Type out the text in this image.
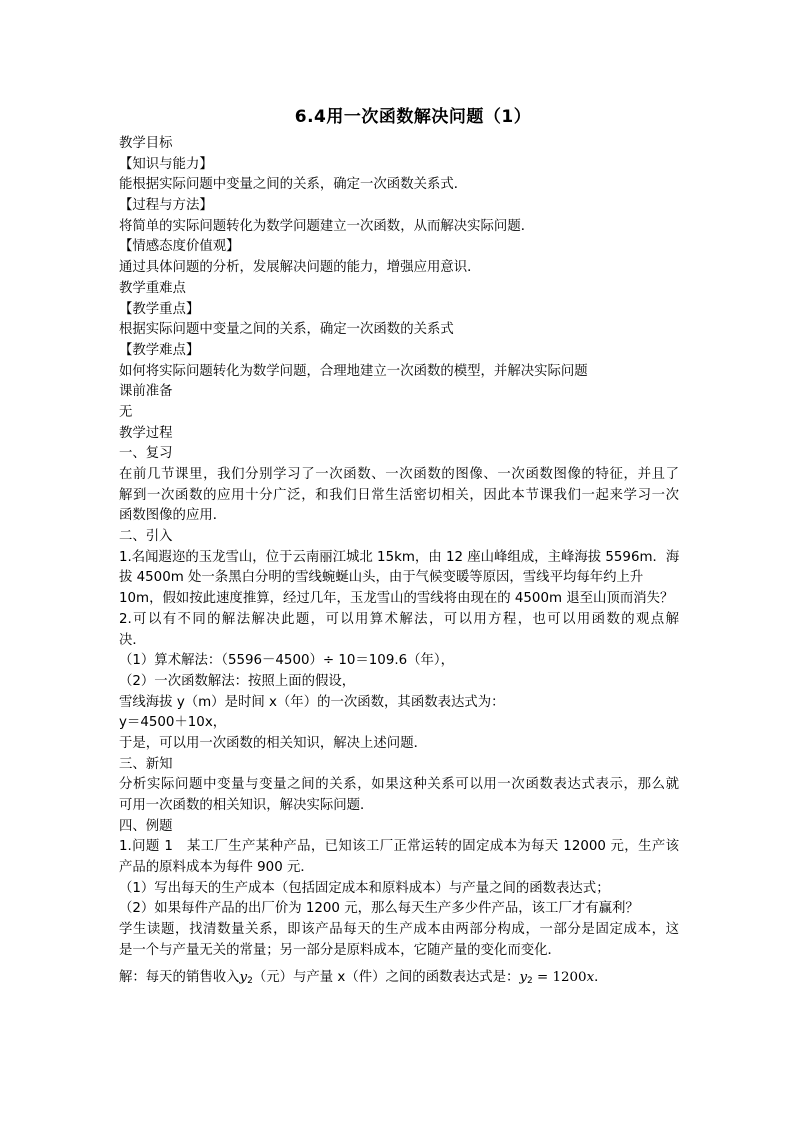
6.4用一次函数解决问题（1）
教学目标
【知识与能力】
能根据实际问题中变量之间的关系，确定一次函数关系式．
【过程与方法】
将简单的实际问题转化为数学问题建立一次函数，从而解决实际问题．
【情感态度价值观】
通过具体问题的分析，发展解决问题的能力，增强应用意识．
教学重难点
【教学重点】
根据实际问题中变量之间的关系，确定一次函数的关系式
【教学难点】
如何将实际问题转化为数学问题，合理地建立一次函数的模型，并解决实际问题
课前准备
无
教学过程
一、复习
在前几节课里，我们分别学习了一次函数、一次函数的图像、一次函数图像的特征，并且了
解到一次函数的应用十分广泛，和我们日常生活密切相关，因此本节课我们一起来学习一次
函数图像的应用．
二、引入
1.名闻遐迩的玉龙雪山，位于云南丽江城北 15km，由 12 座山峰组成，主峰海拔 5596m．海
拔 4500m 处一条黑白分明的雪线蜿蜒山头，由于气候变暖等原因，雪线平均每年约上升
10m，假如按此速度推算，经过几年，玉龙雪山的雪线将由现在的 4500m 退至山顶而消失？
2.可以有不同的解法解决此题，可以用算术解法，可以用方程，也可以用函数的观点解
决．
（1）算术解法：（5596－4500）÷ 10＝109.6（年），
（2）一次函数解法：按照上面的假设，
雪线海拔 y（m）是时间 x（年）的一次函数，其函数表达式为：
y＝4500＋10x，
于是，可以用一次函数的相关知识，解决上述问题．
三、新知
分析实际问题中变量与变量之间的关系，如果这种关系可以用一次函数表达式表示，那么就
可用一次函数的相关知识，解决实际问题．
四、例题
1.问题 1　某工厂生产某种产品，已知该工厂正常运转的固定成本为每天 12000 元，生产该
产品的原料成本为每件 900 元．
（1）写出每天的生产成本（包括固定成本和原料成本）与产量之间的函数表达式；
（2）如果每件产品的出厂价为 1200 元，那么每天生产多少件产品，该工厂才有赢利？
学生读题，找清数量关系，即该产品每天的生产成本由两部分构成，一部分是固定成本，这
是一个与产量无关的常量；另一部分是原料成本，它随产量的变化而变化．
解：每天的销售收入$y_2$（元）与产量 x（件）之间的函数表达式是：$y_2 = 1200x$．
